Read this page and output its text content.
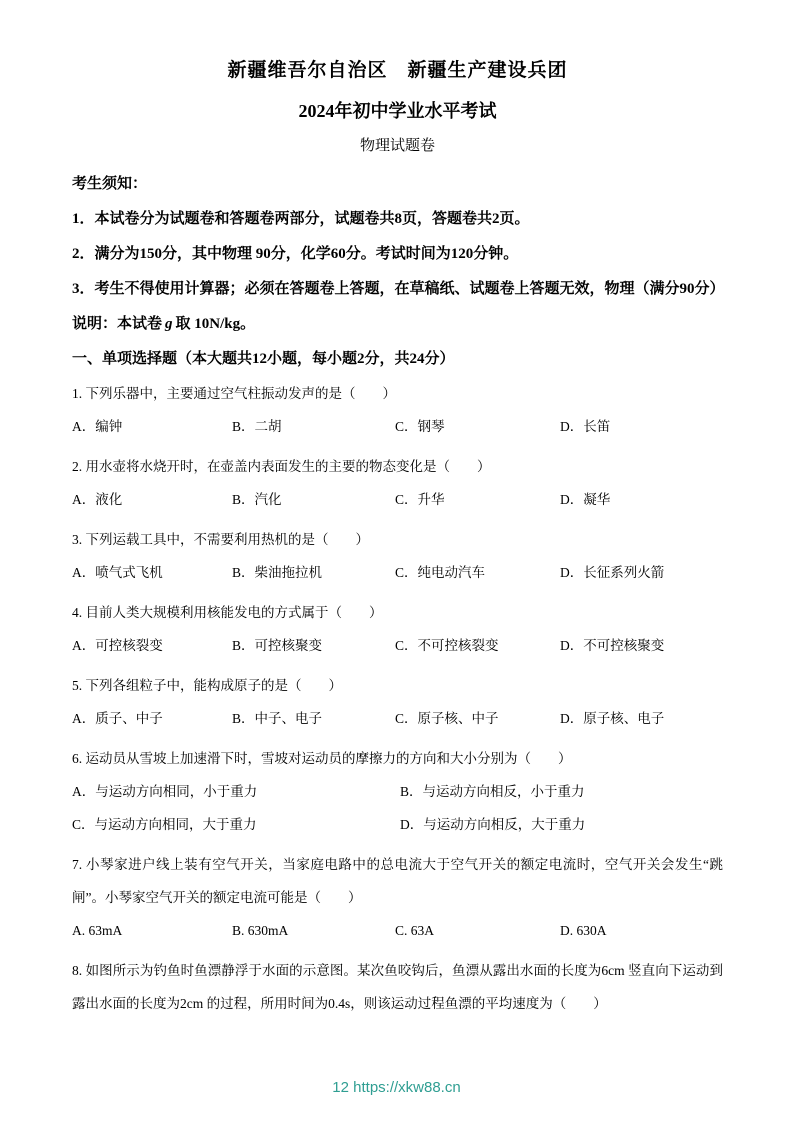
新疆维吾尔自治区　新疆生产建设兵团
2024年初中学业水平考试
物理试题卷

考生须知：

1．本试卷分为试题卷和答题卷两部分，试题卷共8页，答题卷共2页。

2．满分为150分，其中物理 90分，化学60分。考试时间为120分钟。

3．考生不得使用计算器；必须在答题卷上答题，在草稿纸、试题卷上答题无效，物理（满分90分）

说明：本试卷 g 取 10N/kg。

一、单项选择题（本大题共12小题，每小题2分，共24分）

1. 下列乐器中，主要通过空气柱振动发声的是（　　）

A．编钟	B．二胡	C．钢琴	D．长笛

2. 用水壶将水烧开时，在壶盖内表面发生的主要的物态变化是（　　）

A．液化	B．汽化	C．升华	D．凝华

3. 下列运载工具中，不需要利用热机的是（　　）

A．喷气式飞机	B．柴油拖拉机	C．纯电动汽车	D．长征系列火箭

4. 目前人类大规模利用核能发电的方式属于（　　）

A．可控核裂变	B．可控核聚变	C．不可控核裂变	D．不可控核聚变

5. 下列各组粒子中，能构成原子的是（　　）

A．质子、中子	B．中子、电子	C．原子核、中子	D．原子核、电子

6. 运动员从雪坡上加速滑下时，雪坡对运动员的摩擦力的方向和大小分别为（　　）

A．与运动方向相同，小于重力	B．与运动方向相反，小于重力
C．与运动方向相同，大于重力	D．与运动方向相反，大于重力

7. 小琴家进户线上装有空气开关，当家庭电路中的总电流大于空气开关的额定电流时，空气开关会发生“跳闸”。小琴家空气开关的额定电流可能是（　　）

A. 63mA	B. 630mA	C. 63A	D. 630A

8. 如图所示为钓鱼时鱼漂静浮于水面的示意图。某次鱼咬钩后，鱼漂从露出水面的长度为6cm 竖直向下运动到露出水面的长度为2cm 的过程，所用时间为0.4s，则该运动过程鱼漂的平均速度为（　　）

12 https://xkw88.cn
